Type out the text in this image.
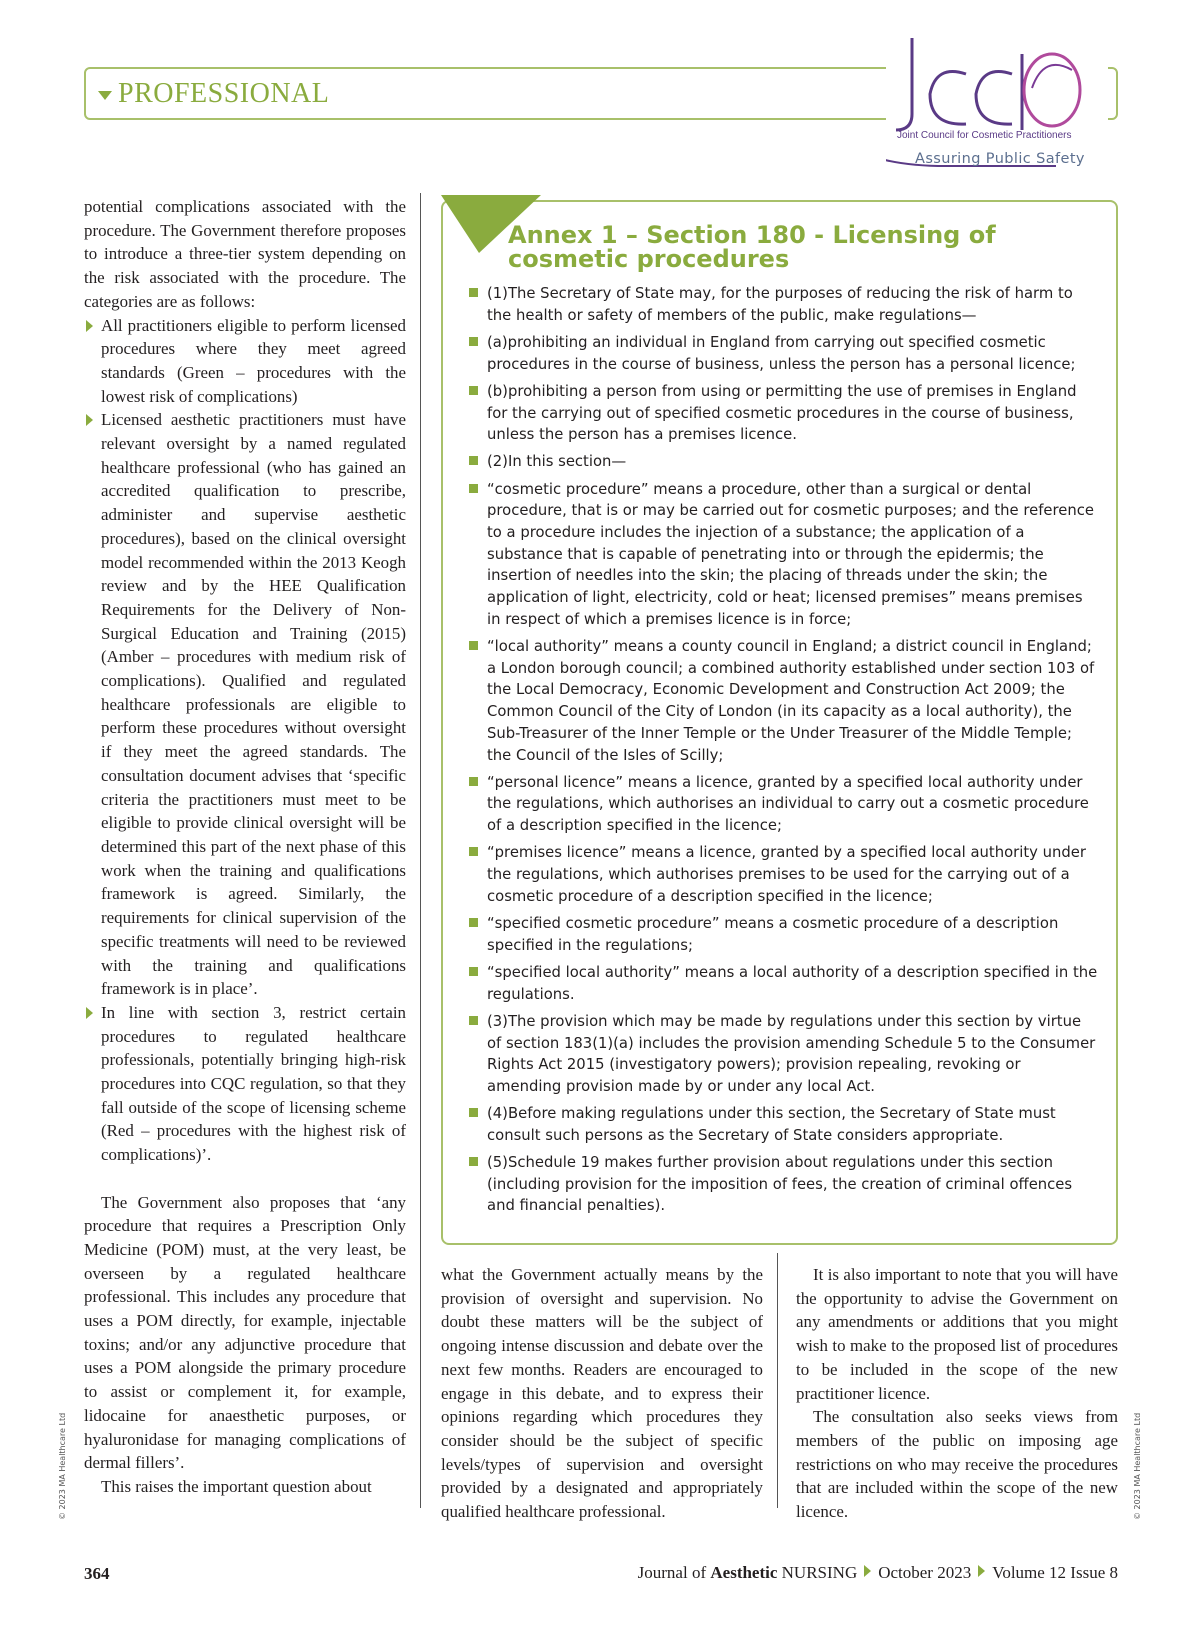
PROFESSIONAL
Joint Council for Cosmetic Practitioners
Assuring Public Safety

potential complications associated with the procedure. The Government therefore proposes to introduce a three-tier system depending on the risk associated with the procedure. The categories are as follows:

All practitioners eligible to perform licensed procedures where they meet agreed standards (Green – procedures with the lowest risk of complications)
Licensed aesthetic practitioners must have relevant oversight by a named regulated healthcare professional (who has gained an accredited qualification to prescribe, administer and supervise aesthetic procedures), based on the clinical oversight model recommended within the 2013 Keogh review and by the HEE Qualification Requirements for the Delivery of Non-Surgical Education and Training (2015) (Amber – procedures with medium risk of complications). Qualified and regulated healthcare professionals are eligible to perform these procedures without oversight if they meet the agreed standards. The consultation document advises that ‘specific criteria the practitioners must meet to be eligible to provide clinical oversight will be determined this part of the next phase of this work when the training and qualifications framework is agreed. Similarly, the requirements for clinical supervision of the specific treatments will need to be reviewed with the training and qualifications framework is in place’.
In line with section 3, restrict certain procedures to regulated healthcare professionals, potentially bringing high-risk procedures into CQC regulation, so that they fall outside of the scope of licensing scheme (Red – procedures with the highest risk of complications)’.

The Government also proposes that ‘any procedure that requires a Prescription Only Medicine (POM) must, at the very least, be overseen by a regulated healthcare professional. This includes any procedure that uses a POM directly, for example, injectable toxins; and/or any adjunctive procedure that uses a POM alongside the primary procedure to assist or complement it, for example, lidocaine for anaesthetic purposes, or hyaluronidase for managing complications of dermal fillers’.

This raises the important question about

Annex 1 – Section 180 - Licensing of cosmetic procedures
(1)The Secretary of State may, for the purposes of reducing the risk of harm to the health or safety of members of the public, make regulations—
(a)prohibiting an individual in England from carrying out specified cosmetic procedures in the course of business, unless the person has a personal licence;
(b)prohibiting a person from using or permitting the use of premises in England for the carrying out of specified cosmetic procedures in the course of business, unless the person has a premises licence.
(2)In this section—
“cosmetic procedure” means a procedure, other than a surgical or dental procedure, that is or may be carried out for cosmetic purposes; and the reference to a procedure includes the injection of a substance; the application of a substance that is capable of penetrating into or through the epidermis; the insertion of needles into the skin; the placing of threads under the skin; the application of light, electricity, cold or heat; licensed premises” means premises in respect of which a premises licence is in force;
“local authority” means a county council in England; a district council in England; a London borough council; a combined authority established under section 103 of the Local Democracy, Economic Development and Construction Act 2009; the Common Council of the City of London (in its capacity as a local authority), the Sub-Treasurer of the Inner Temple or the Under Treasurer of the Middle Temple; the Council of the Isles of Scilly;
“personal licence” means a licence, granted by a specified local authority under the regulations, which authorises an individual to carry out a cosmetic procedure of a description specified in the licence;
“premises licence” means a licence, granted by a specified local authority under the regulations, which authorises premises to be used for the carrying out of a cosmetic procedure of a description specified in the licence;
“specified cosmetic procedure” means a cosmetic procedure of a description specified in the regulations;
“specified local authority” means a local authority of a description specified in the regulations.
(3)The provision which may be made by regulations under this section by virtue of section 183(1)(a) includes the provision amending Schedule 5 to the Consumer Rights Act 2015 (investigatory powers); provision repealing, revoking or amending provision made by or under any local Act.
(4)Before making regulations under this section, the Secretary of State must consult such persons as the Secretary of State considers appropriate.
(5)Schedule 19 makes further provision about regulations under this section (including provision for the imposition of fees, the creation of criminal offences and financial penalties).

what the Government actually means by the provision of oversight and supervision. No doubt these matters will be the subject of ongoing intense discussion and debate over the next few months. Readers are encouraged to engage in this debate, and to express their opinions regarding which procedures they consider should be the subject of specific levels/types of supervision and oversight provided by a designated and appropriately qualified healthcare professional.

It is also important to note that you will have the opportunity to advise the Government on any amendments or additions that you might wish to make to the proposed list of procedures to be included in the scope of the new practitioner licence.

The consultation also seeks views from members of the public on imposing age restrictions on who may receive the procedures that are included within the scope of the new licence.

© 2023 MA Healthcare Ltd	© 2023 MA Healthcare Ltd
364	Journal of Aesthetic NURSING October 2023 Volume 12 Issue 8
